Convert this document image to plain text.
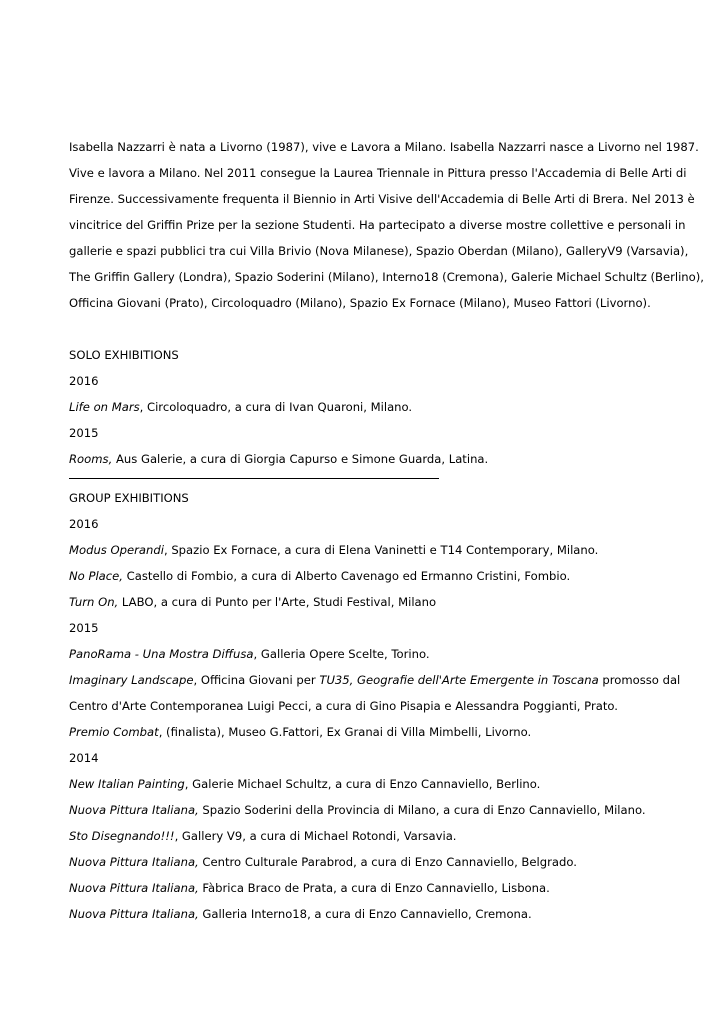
Isabella Nazzarri è nata a Livorno (1987), vive e Lavora a Milano. Isabella Nazzarri nasce a Livorno nel 1987.

Vive e lavora a Milano. Nel 2011 consegue la Laurea Triennale in Pittura presso l'Accademia di Belle Arti di

Firenze. Successivamente frequenta il Biennio in Arti Visive dell'Accademia di Belle Arti di Brera. Nel 2013 è

vincitrice del Griffin Prize per la sezione Studenti. Ha partecipato a diverse mostre collettive e personali in

gallerie e spazi pubblici tra cui Villa Brivio (Nova Milanese), Spazio Oberdan (Milano), GalleryV9 (Varsavia),

The Griffin Gallery (Londra), Spazio Soderini (Milano), Interno18 (Cremona), Galerie Michael Schultz (Berlino),

Officina Giovani (Prato), Circoloquadro (Milano), Spazio Ex Fornace (Milano), Museo Fattori (Livorno).

SOLO EXHIBITIONS

2016

Life on Mars, Circoloquadro, a cura di Ivan Quaroni, Milano.

2015

Rooms, Aus Galerie, a cura di Giorgia Capurso e Simone Guarda, Latina.

GROUP EXHIBITIONS

2016

Modus Operandi, Spazio Ex Fornace, a cura di Elena Vaninetti e T14 Contemporary, Milano.

No Place, Castello di Fombio, a cura di Alberto Cavenago ed Ermanno Cristini, Fombio.

Turn On, LABO, a cura di Punto per l'Arte, Studi Festival, Milano

2015

PanoRama - Una Mostra Diffusa, Galleria Opere Scelte, Torino.

Imaginary Landscape, Officina Giovani per TU35, Geografie dell'Arte Emergente in Toscana promosso dal

Centro d'Arte Contemporanea Luigi Pecci, a cura di Gino Pisapia e Alessandra Poggianti, Prato.

Premio Combat, (finalista), Museo G.Fattori, Ex Granai di Villa Mimbelli, Livorno.

2014

New Italian Painting, Galerie Michael Schultz, a cura di Enzo Cannaviello, Berlino.

Nuova Pittura Italiana, Spazio Soderini della Provincia di Milano, a cura di Enzo Cannaviello, Milano.

Sto Disegnando!!!, Gallery V9, a cura di Michael Rotondi, Varsavia.

Nuova Pittura Italiana, Centro Culturale Parabrod, a cura di Enzo Cannaviello, Belgrado.

Nuova Pittura Italiana, Fàbrica Braco de Prata, a cura di Enzo Cannaviello, Lisbona.

Nuova Pittura Italiana, Galleria Interno18, a cura di Enzo Cannaviello, Cremona.
